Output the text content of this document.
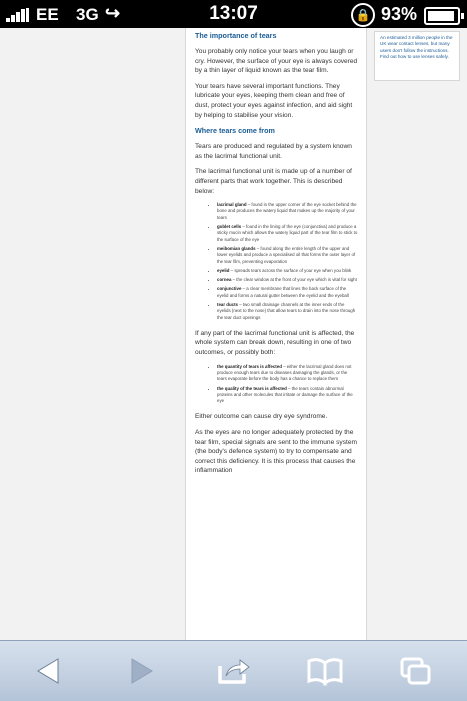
EE 3G ↪	13:07	🔒 93%
The importance of tears

You probably only notice your tears when you laugh or cry. However, the surface of your eye is always covered by a thin layer of liquid known as the tear film.

Your tears have several important functions. They lubricate your eyes, keeping them clean and free of dust, protect your eyes against infection, and aid sight by helping to stabilise your vision.

Where tears come from

Tears are produced and regulated by a system known as the lacrimal functional unit.

The lacrimal functional unit is made up of a number of different parts that work together. This is described below:

• lacrimal gland – found in the upper corner of the eye socket behind the bone and produces the watery liquid that makes up the majority of your tears
• goblet cells – found in the lining of the eye (conjunctiva) and produce a sticky mucin which allows the watery liquid part of the tear film to stick to the surface of the eye
• meibomian glands – found along the entire length of the upper and lower eyelids and produce a specialised oil that forms the outer layer of the tear film, preventing evaporation
• eyelid – spreads tears across the surface of your eye when you blink
• cornea – the clear window at the front of your eye which is vital for sight
• conjunctive – a clear membrane that lines the back surface of the eyelid and forms a natural gutter between the eyelid and the eyeball
• tear ducts – two small drainage channels at the inner ends of the eyelids (next to the nose) that allow tears to drain into the nose through the tear duct openings

If any part of the lacrimal functional unit is affected, the whole system can break down, resulting in one of two outcomes, or possibly both:

• the quantity of tears is affected – either the lacrimal gland does not produce enough tears due to diseases damaging the glands, or the tears evaporate before the body has a chance to replace them
• the quality of the tears is affected – the tears contain abnormal proteins and other molecules that irritate or damage the surface of the eye

Either outcome can cause dry eye syndrome.

As the eyes are no longer adequately protected by the tear film, special signals are sent to the immune system (the body's defence system) to try to compensate and correct this deficiency. It is this process that causes the inflammation

An estimated 3 million people in the UK wear contact lenses, but many users don't follow the instructions. Find out how to use lenses safely.
